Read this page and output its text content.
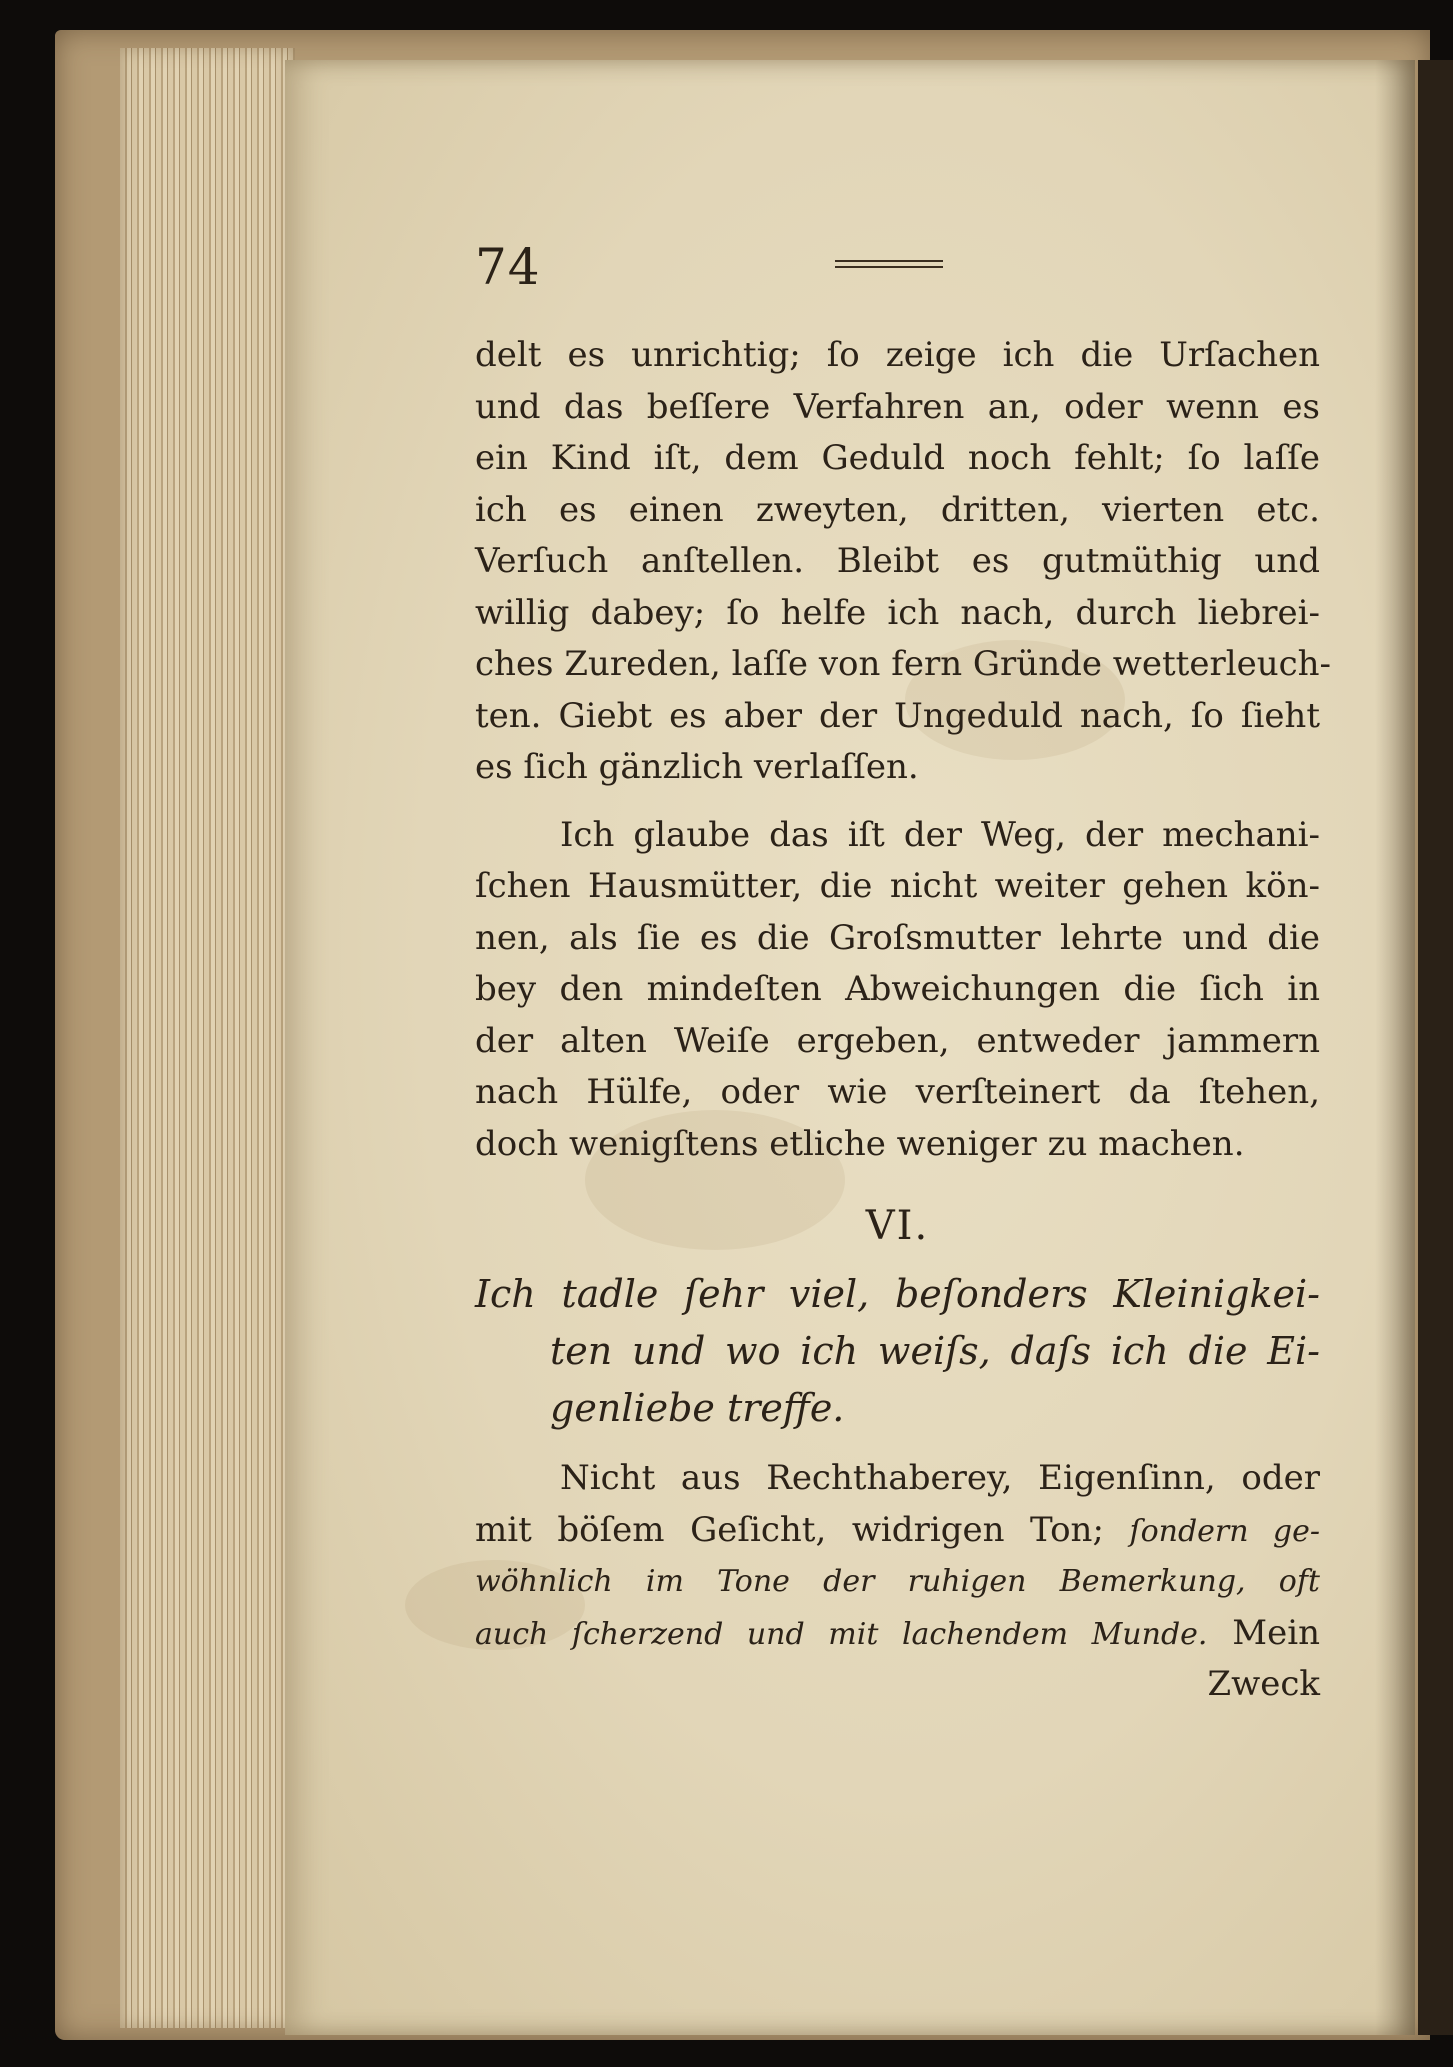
74
delt es unrichtig; ſo zeige ich die Urſachen
und das beſſere Verfahren an, oder wenn es
ein Kind iſt, dem Geduld noch fehlt; ſo laſſe
ich es einen zweyten, dritten, vierten etc.
Verſuch anſtellen. Bleibt es gutmüthig und
willig dabey; ſo helfe ich nach, durch liebrei-
ches Zureden, laſſe von fern Gründe wetterleuch-
ten. Giebt es aber der Ungeduld nach, ſo ſieht
es ſich gänzlich verlaſſen.
Ich glaube das iſt der Weg, der mechani-
ſchen Hausmütter, die nicht weiter gehen kön-
nen, als ſie es die Groſsmutter lehrte und die
bey den mindeſten Abweichungen die ſich in
der alten Weiſe ergeben, entweder jammern
nach Hülfe, oder wie verſteinert da ſtehen,
doch wenigſtens etliche weniger zu machen.
VI.
Ich tadle ſehr viel, beſonders Kleinigkei-
ten und wo ich weiſs, daſs ich die Ei-
genliebe treffe.
Nicht aus Rechthaberey, Eigenſinn, oder
mit böſem Geſicht, widrigen Ton; ſondern ge-
wöhnlich im Tone der ruhigen Bemerkung, oft
auch ſcherzend und mit lachendem Munde. Mein
Zweck
